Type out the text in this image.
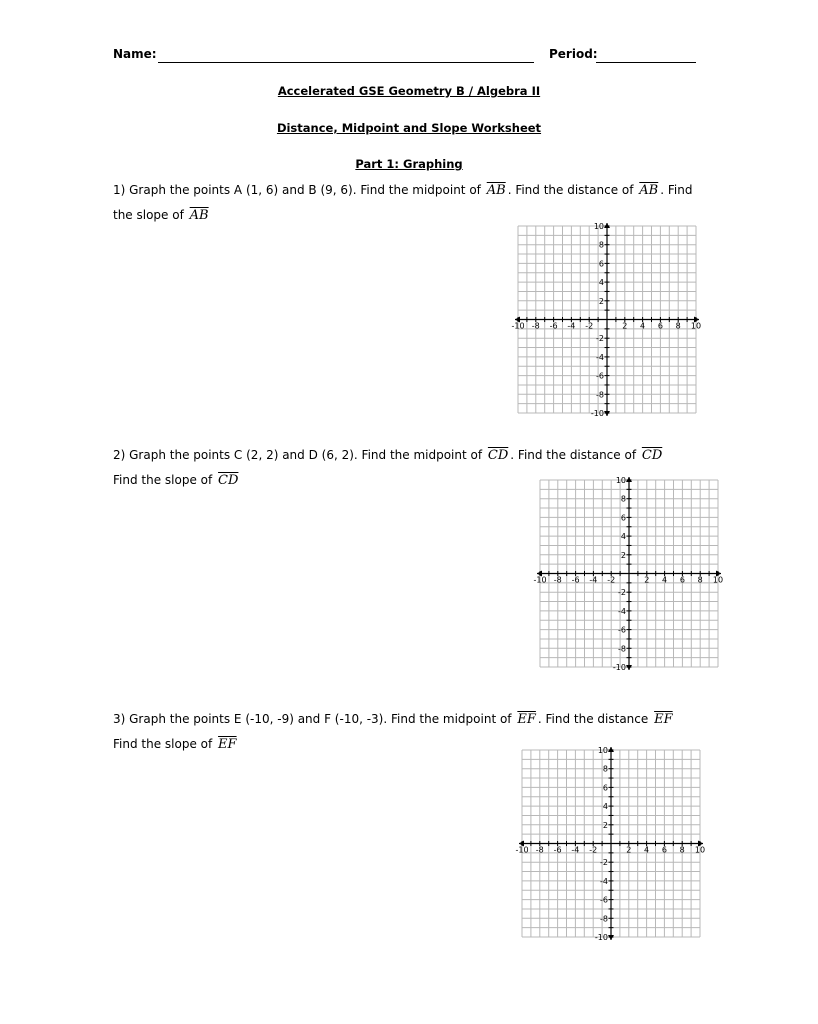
Name:	Period:
Accelerated GSE Geometry B / Algebra II
Distance, Midpoint and Slope Worksheet
Part 1: Graphing
1) Graph the points A (1, 6) and B (9, 6). Find the midpoint of $\overline{AB}$ . Find the distance of $\overline{AB}$ . Find
the slope of $\overline{AB}$
2) Graph the points C (2, 2) and D (6, 2). Find the midpoint of $\overline{CD}$ . Find the distance of $\overline{CD}$
Find the slope of $\overline{CD}$
3) Graph the points E (-10, -9) and F (-10, -3). Find the midpoint of $\overline{EF}$ . Find the distance $\overline{EF}$
Find the slope of $\overline{EF}$
-10 -8 -6 -4 -2	2 4 6 8 10
10
8
6
4
2
-2
-4
-6
-8
-10
-10 -8 -6 -4 -2	2 4 6 8 10
10
8
6
4
2
-2
-4
-6
-8
-10
-10 -8 -6 -4 -2	2 4 6 8 10
10
8
6
4
2
-2
-4
-6
-8
-10
